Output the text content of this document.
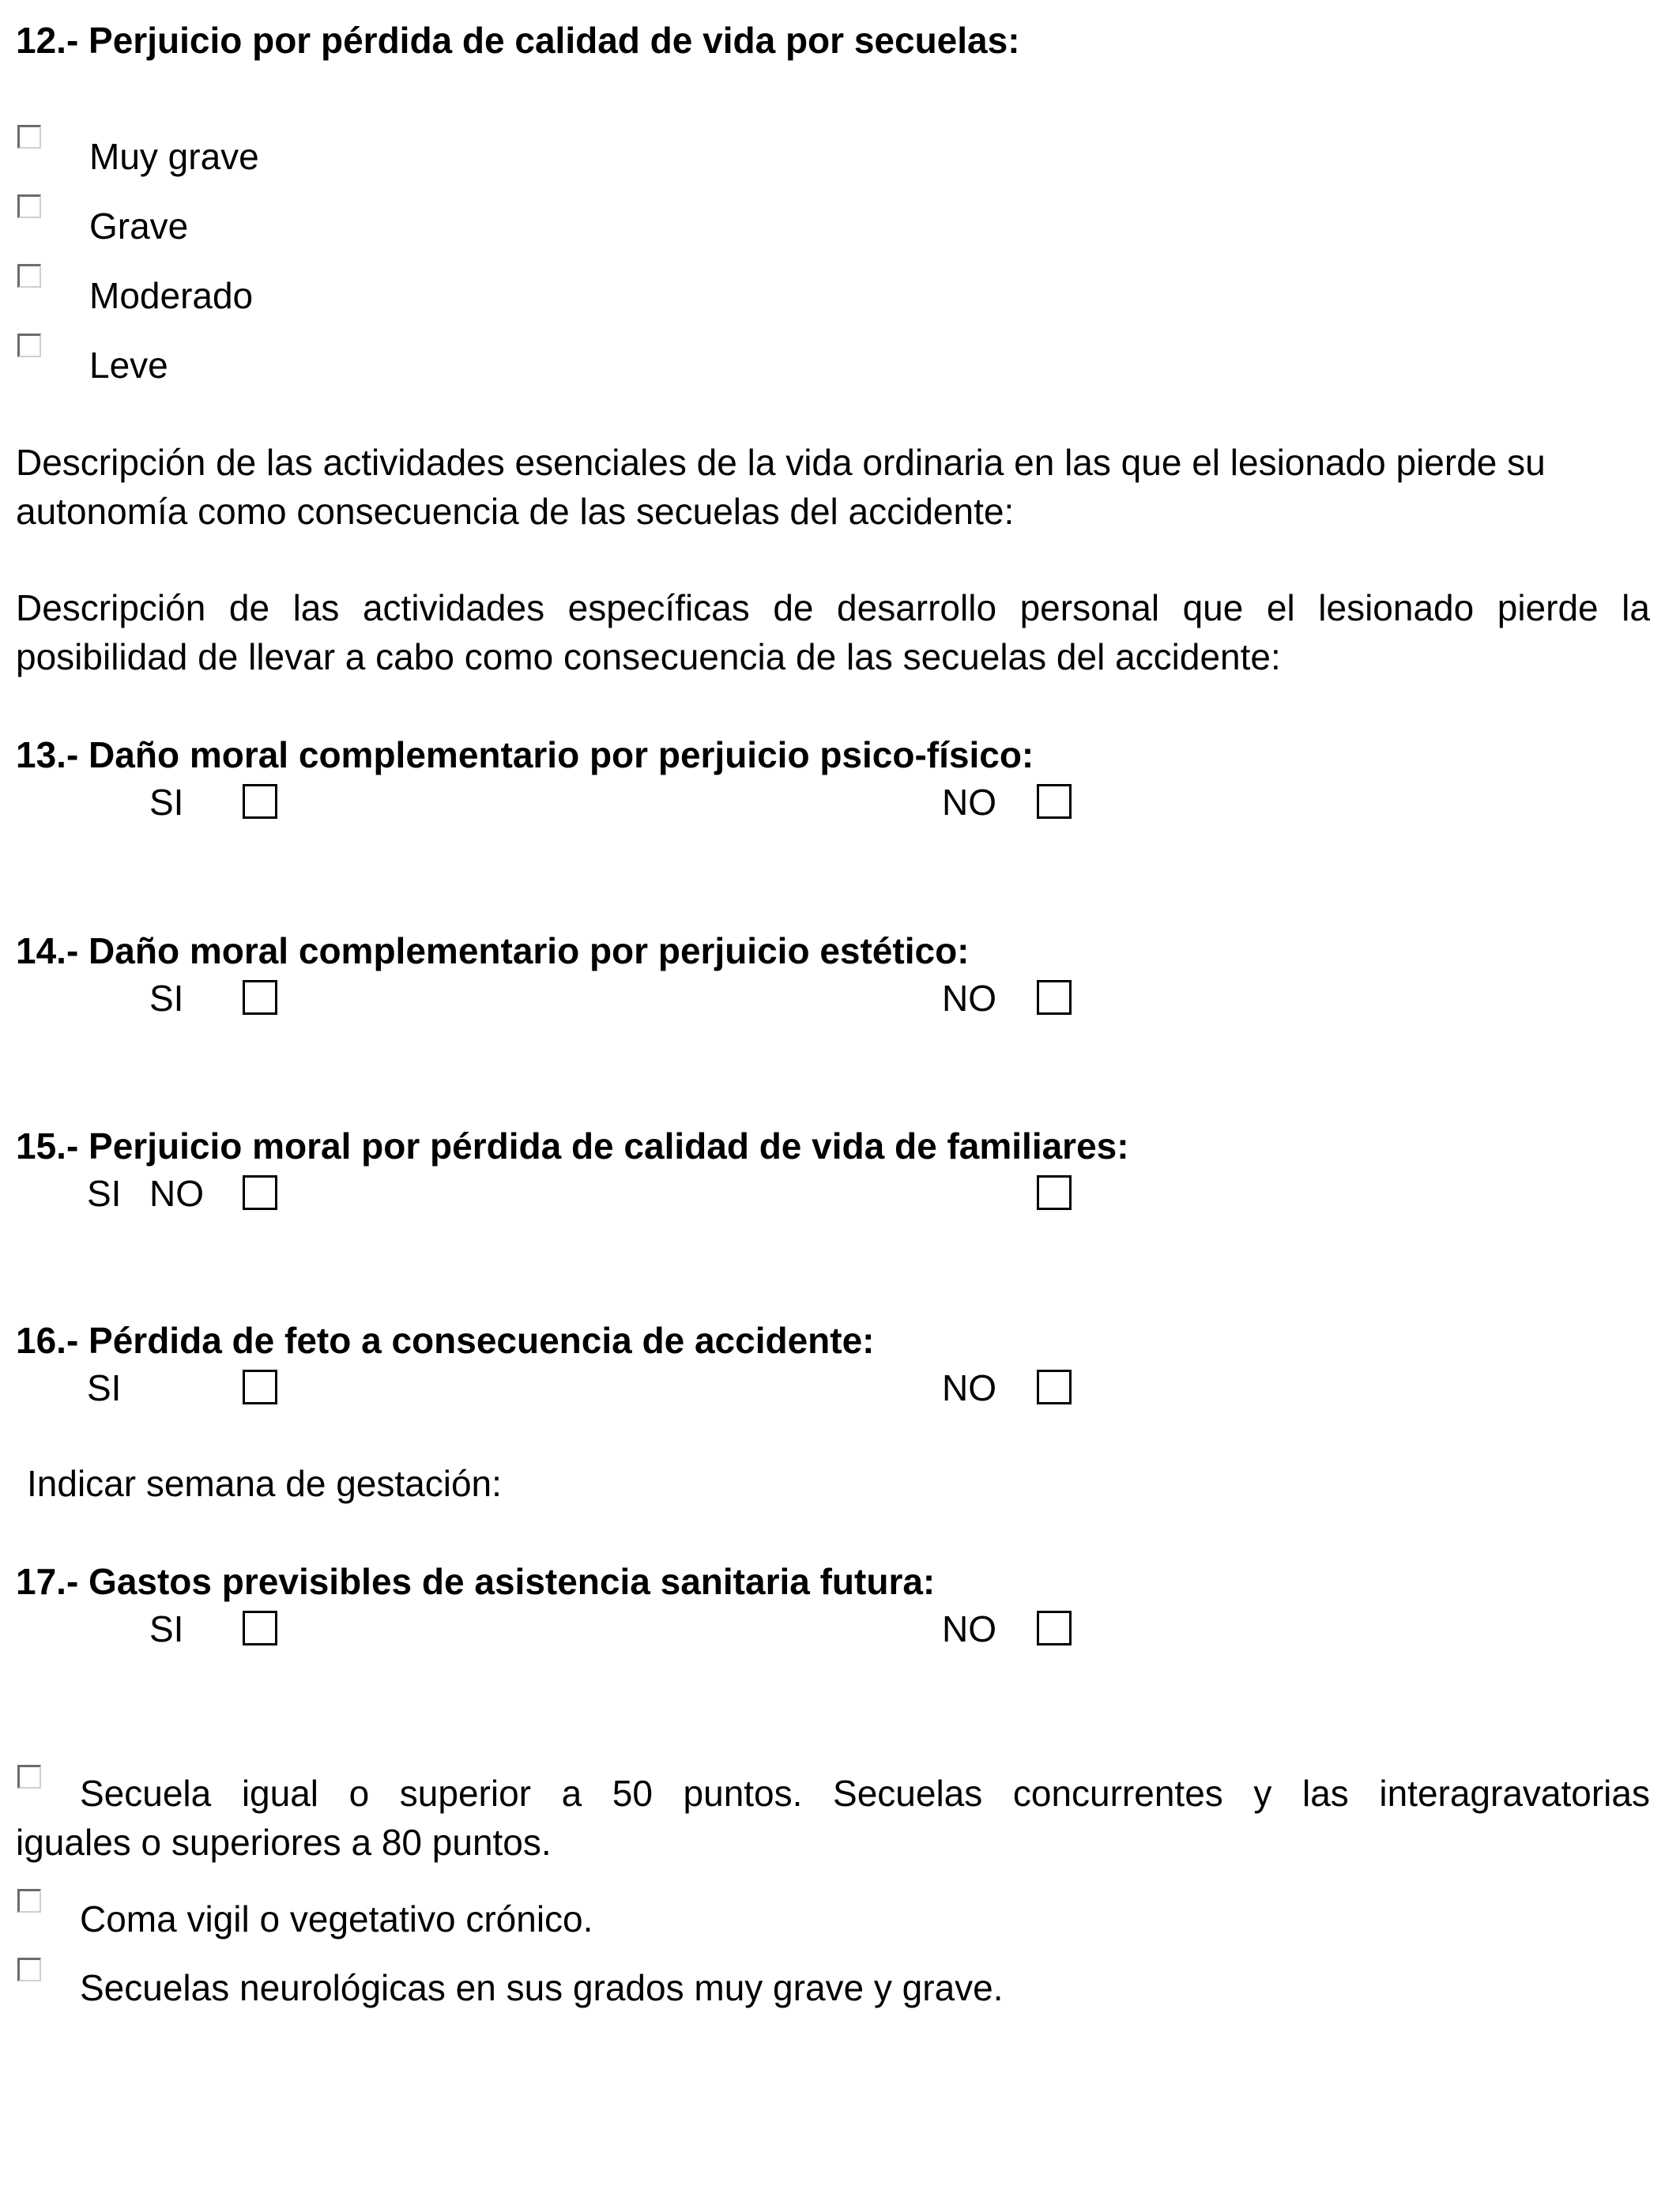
12.- Perjuicio por pérdida de calidad de vida por secuelas:
Muy grave
Grave
Moderado
Leve
Descripción de las actividades esenciales de la vida ordinaria en las que el lesionado pierde su
autonomía como consecuencia de las secuelas del accidente:
Descripción de las actividades específicas de desarrollo personal que el lesionado pierde la
posibilidad de llevar a cabo como consecuencia de las secuelas del accidente:
13.- Daño moral complementario por perjuicio psico-físico:
SI	NO
14.- Daño moral complementario por perjuicio estético:
SI	NO
15.- Perjuicio moral por pérdida de calidad de vida de familiares:
SI NO
16.- Pérdida de feto a consecuencia de accidente:
SI	NO
Indicar semana de gestación:
17.- Gastos previsibles de asistencia sanitaria futura:
SI	NO
Secuela igual o superior a 50 puntos. Secuelas concurrentes y las interagravatorias
iguales o superiores a 80 puntos.
Coma vigil o vegetativo crónico.
Secuelas neurológicas en sus grados muy grave y grave.
